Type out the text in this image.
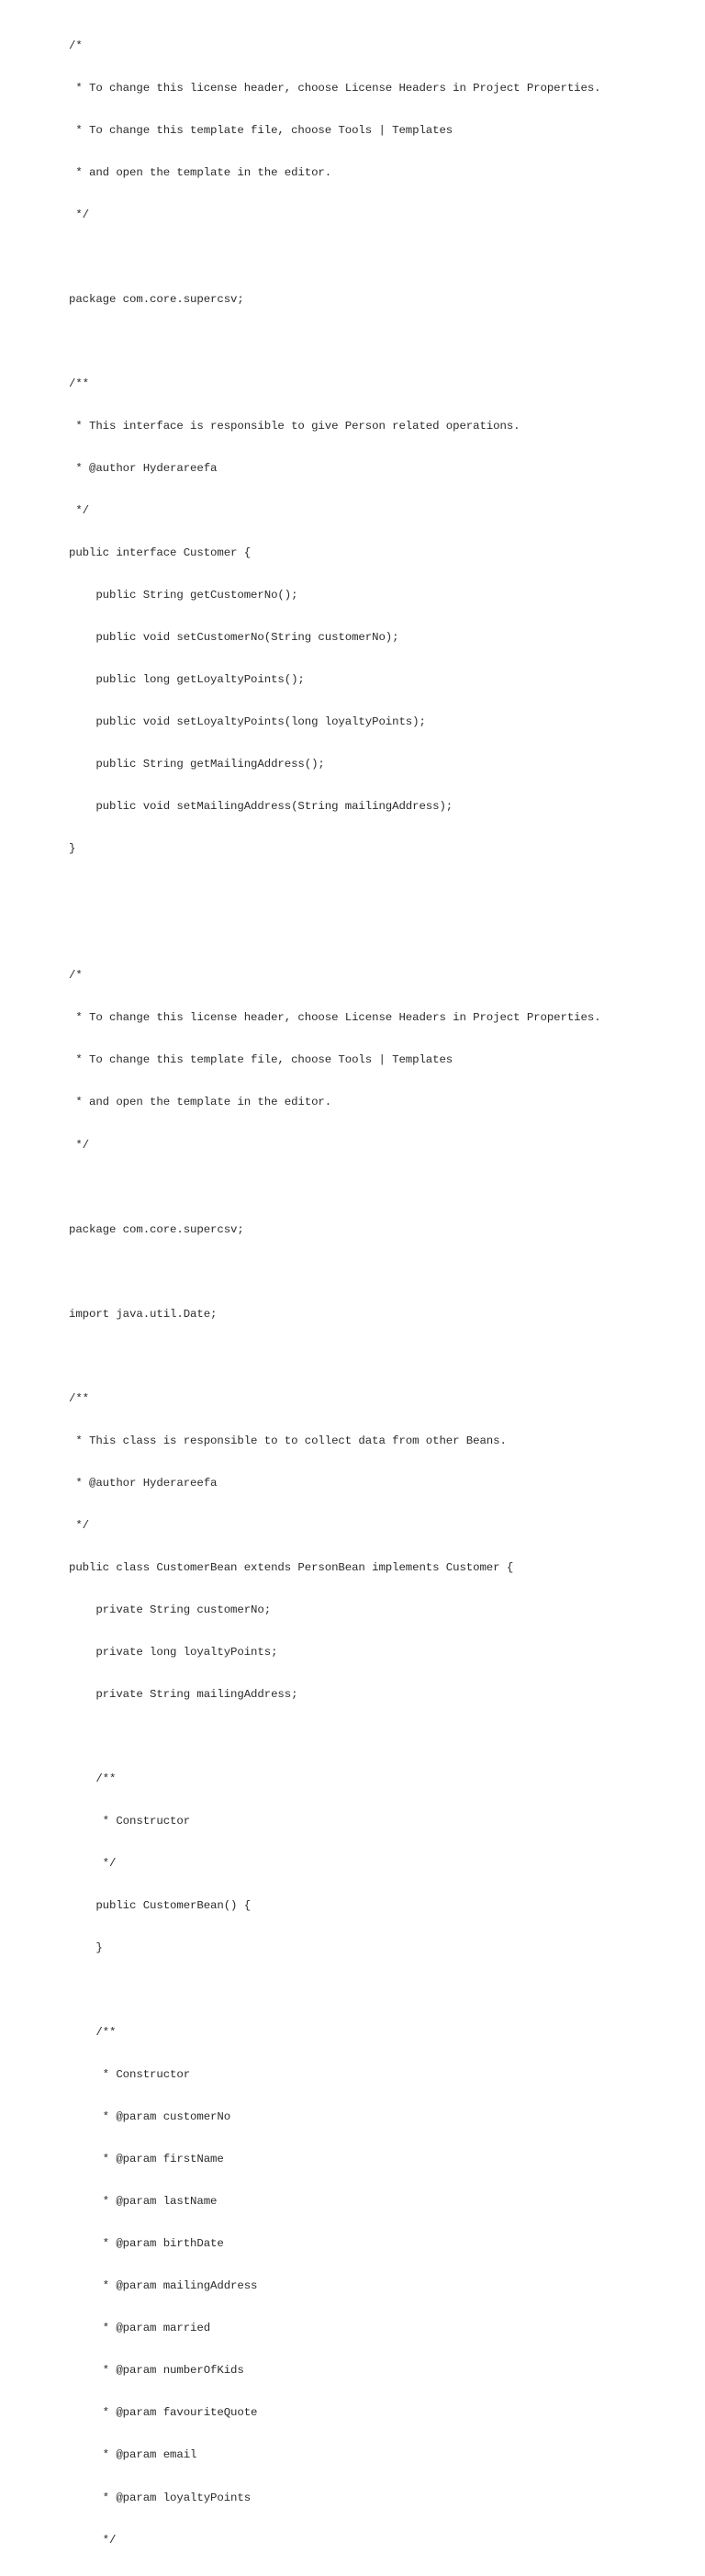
/*

* To change this license header, choose License Headers in Project Properties.

* To change this template file, choose Tools | Templates

* and open the template in the editor.

*/

package com.core.supercsv;

/**

* This interface is responsible to give Person related operations.

* @author Hyderareefa

*/

public interface Customer {

public String getCustomerNo();

public void setCustomerNo(String customerNo);

public long getLoyaltyPoints();

public void setLoyaltyPoints(long loyaltyPoints);

public String getMailingAddress();

public void setMailingAddress(String mailingAddress);

}

/*

* To change this license header, choose License Headers in Project Properties.

* To change this template file, choose Tools | Templates

* and open the template in the editor.

*/

package com.core.supercsv;

import java.util.Date;

/**

* This class is responsible to to collect data from other Beans.

* @author Hyderareefa

*/

public class CustomerBean extends PersonBean implements Customer {

private String customerNo;

private long loyaltyPoints;

private String mailingAddress;

/**

* Constructor

*/

public CustomerBean() {

}

/**

* Constructor

* @param customerNo

* @param firstName

* @param lastName

* @param birthDate

* @param mailingAddress

* @param married

* @param numberOfKids

* @param favouriteQuote

* @param email

* @param loyaltyPoints

*/
